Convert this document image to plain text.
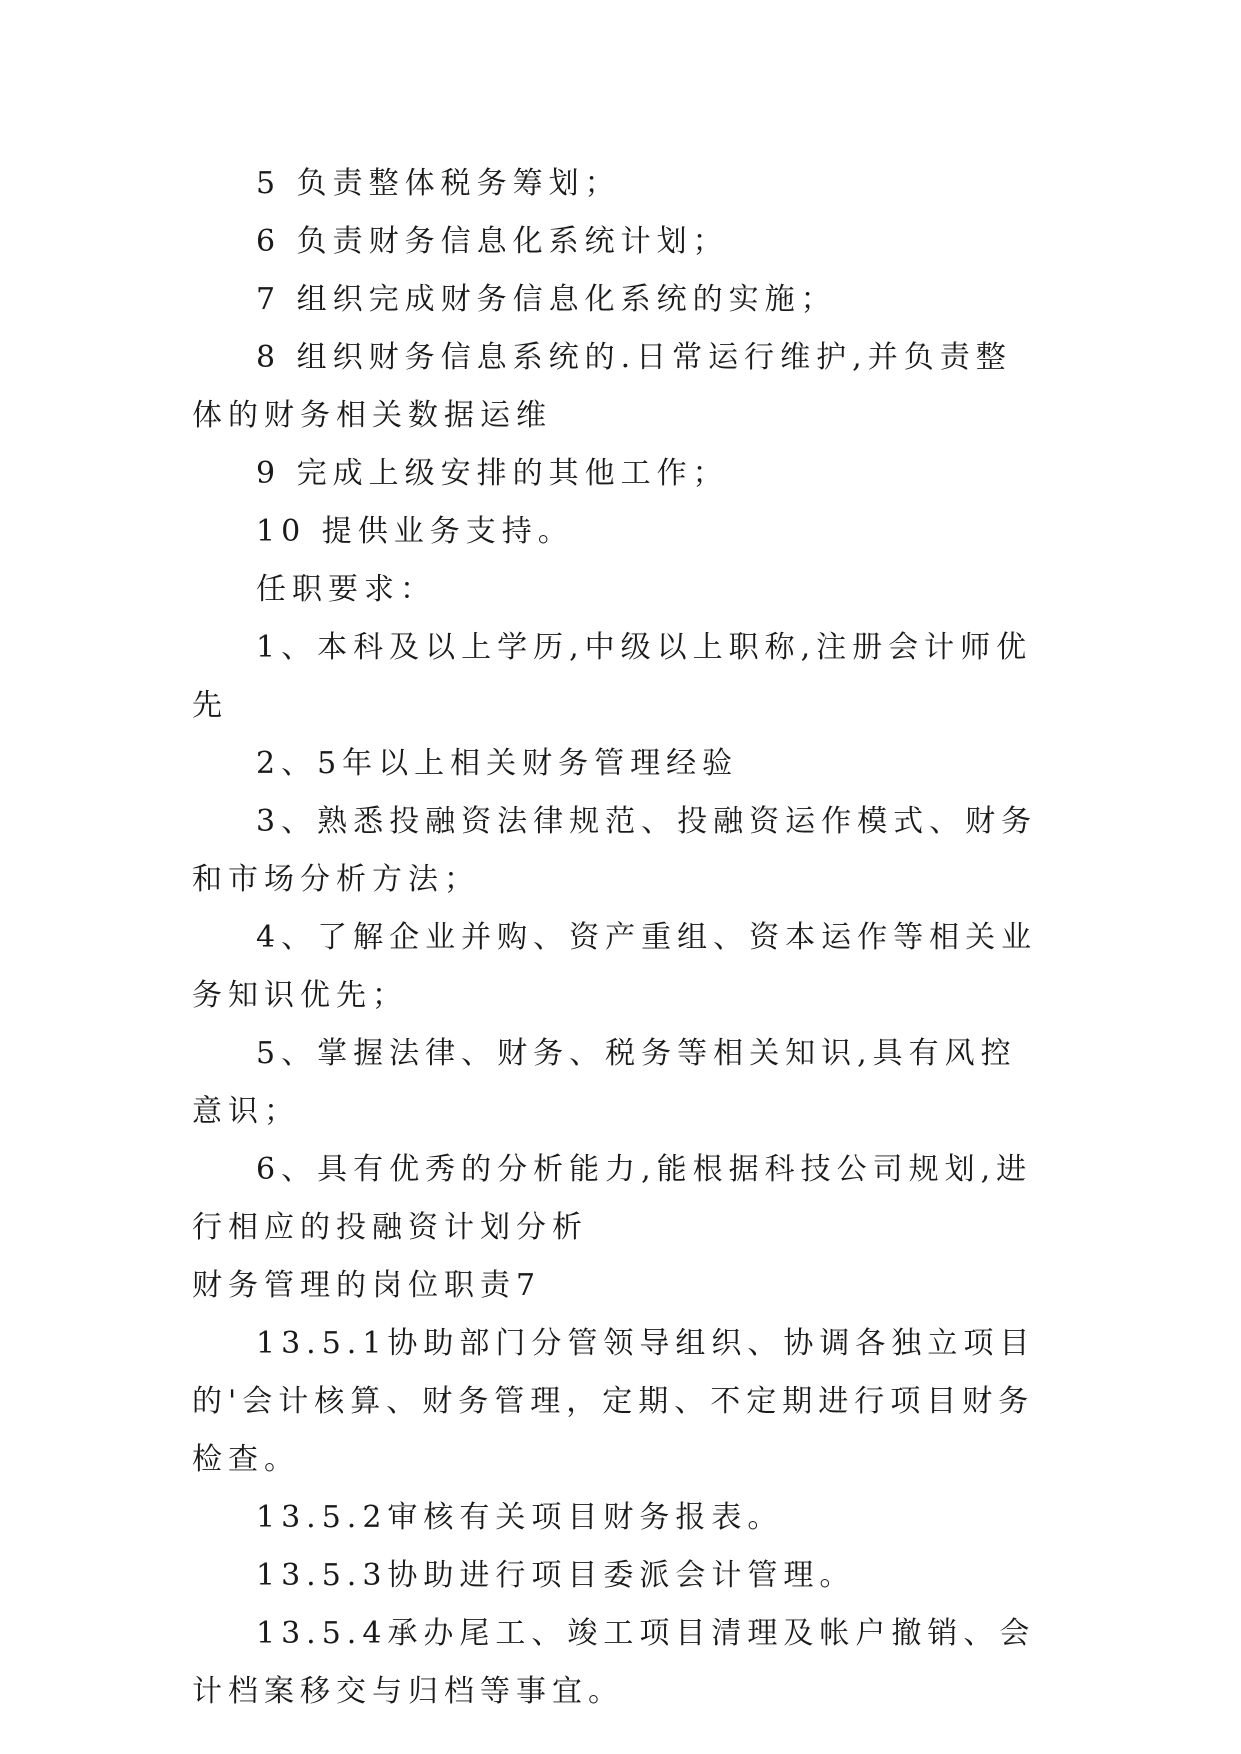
5 负责整体税务筹划；

6 负责财务信息化系统计划；

7 组织完成财务信息化系统的实施；

8 组织财务信息系统的.日常运行维护,并负责整体的财务相关数据运维

9 完成上级安排的其他工作；

10 提供业务支持。

任职要求：

1、本科及以上学历,中级以上职称,注册会计师优先

2、5年以上相关财务管理经验

3、熟悉投融资法律规范、投融资运作模式、财务和市场分析方法；

4、了解企业并购、资产重组、资本运作等相关业务知识优先；

5、掌握法律、财务、税务等相关知识,具有风控意识；

6、具有优秀的分析能力,能根据科技公司规划,进行相应的投融资计划分析

财务管理的岗位职责7

13.5.1协助部门分管领导组织、协调各独立项目的'会计核算、财务管理，定期、不定期进行项目财务检查。

13.5.2审核有关项目财务报表。

13.5.3协助进行项目委派会计管理。

13.5.4承办尾工、竣工项目清理及帐户撤销、会计档案移交与归档等事宜。
